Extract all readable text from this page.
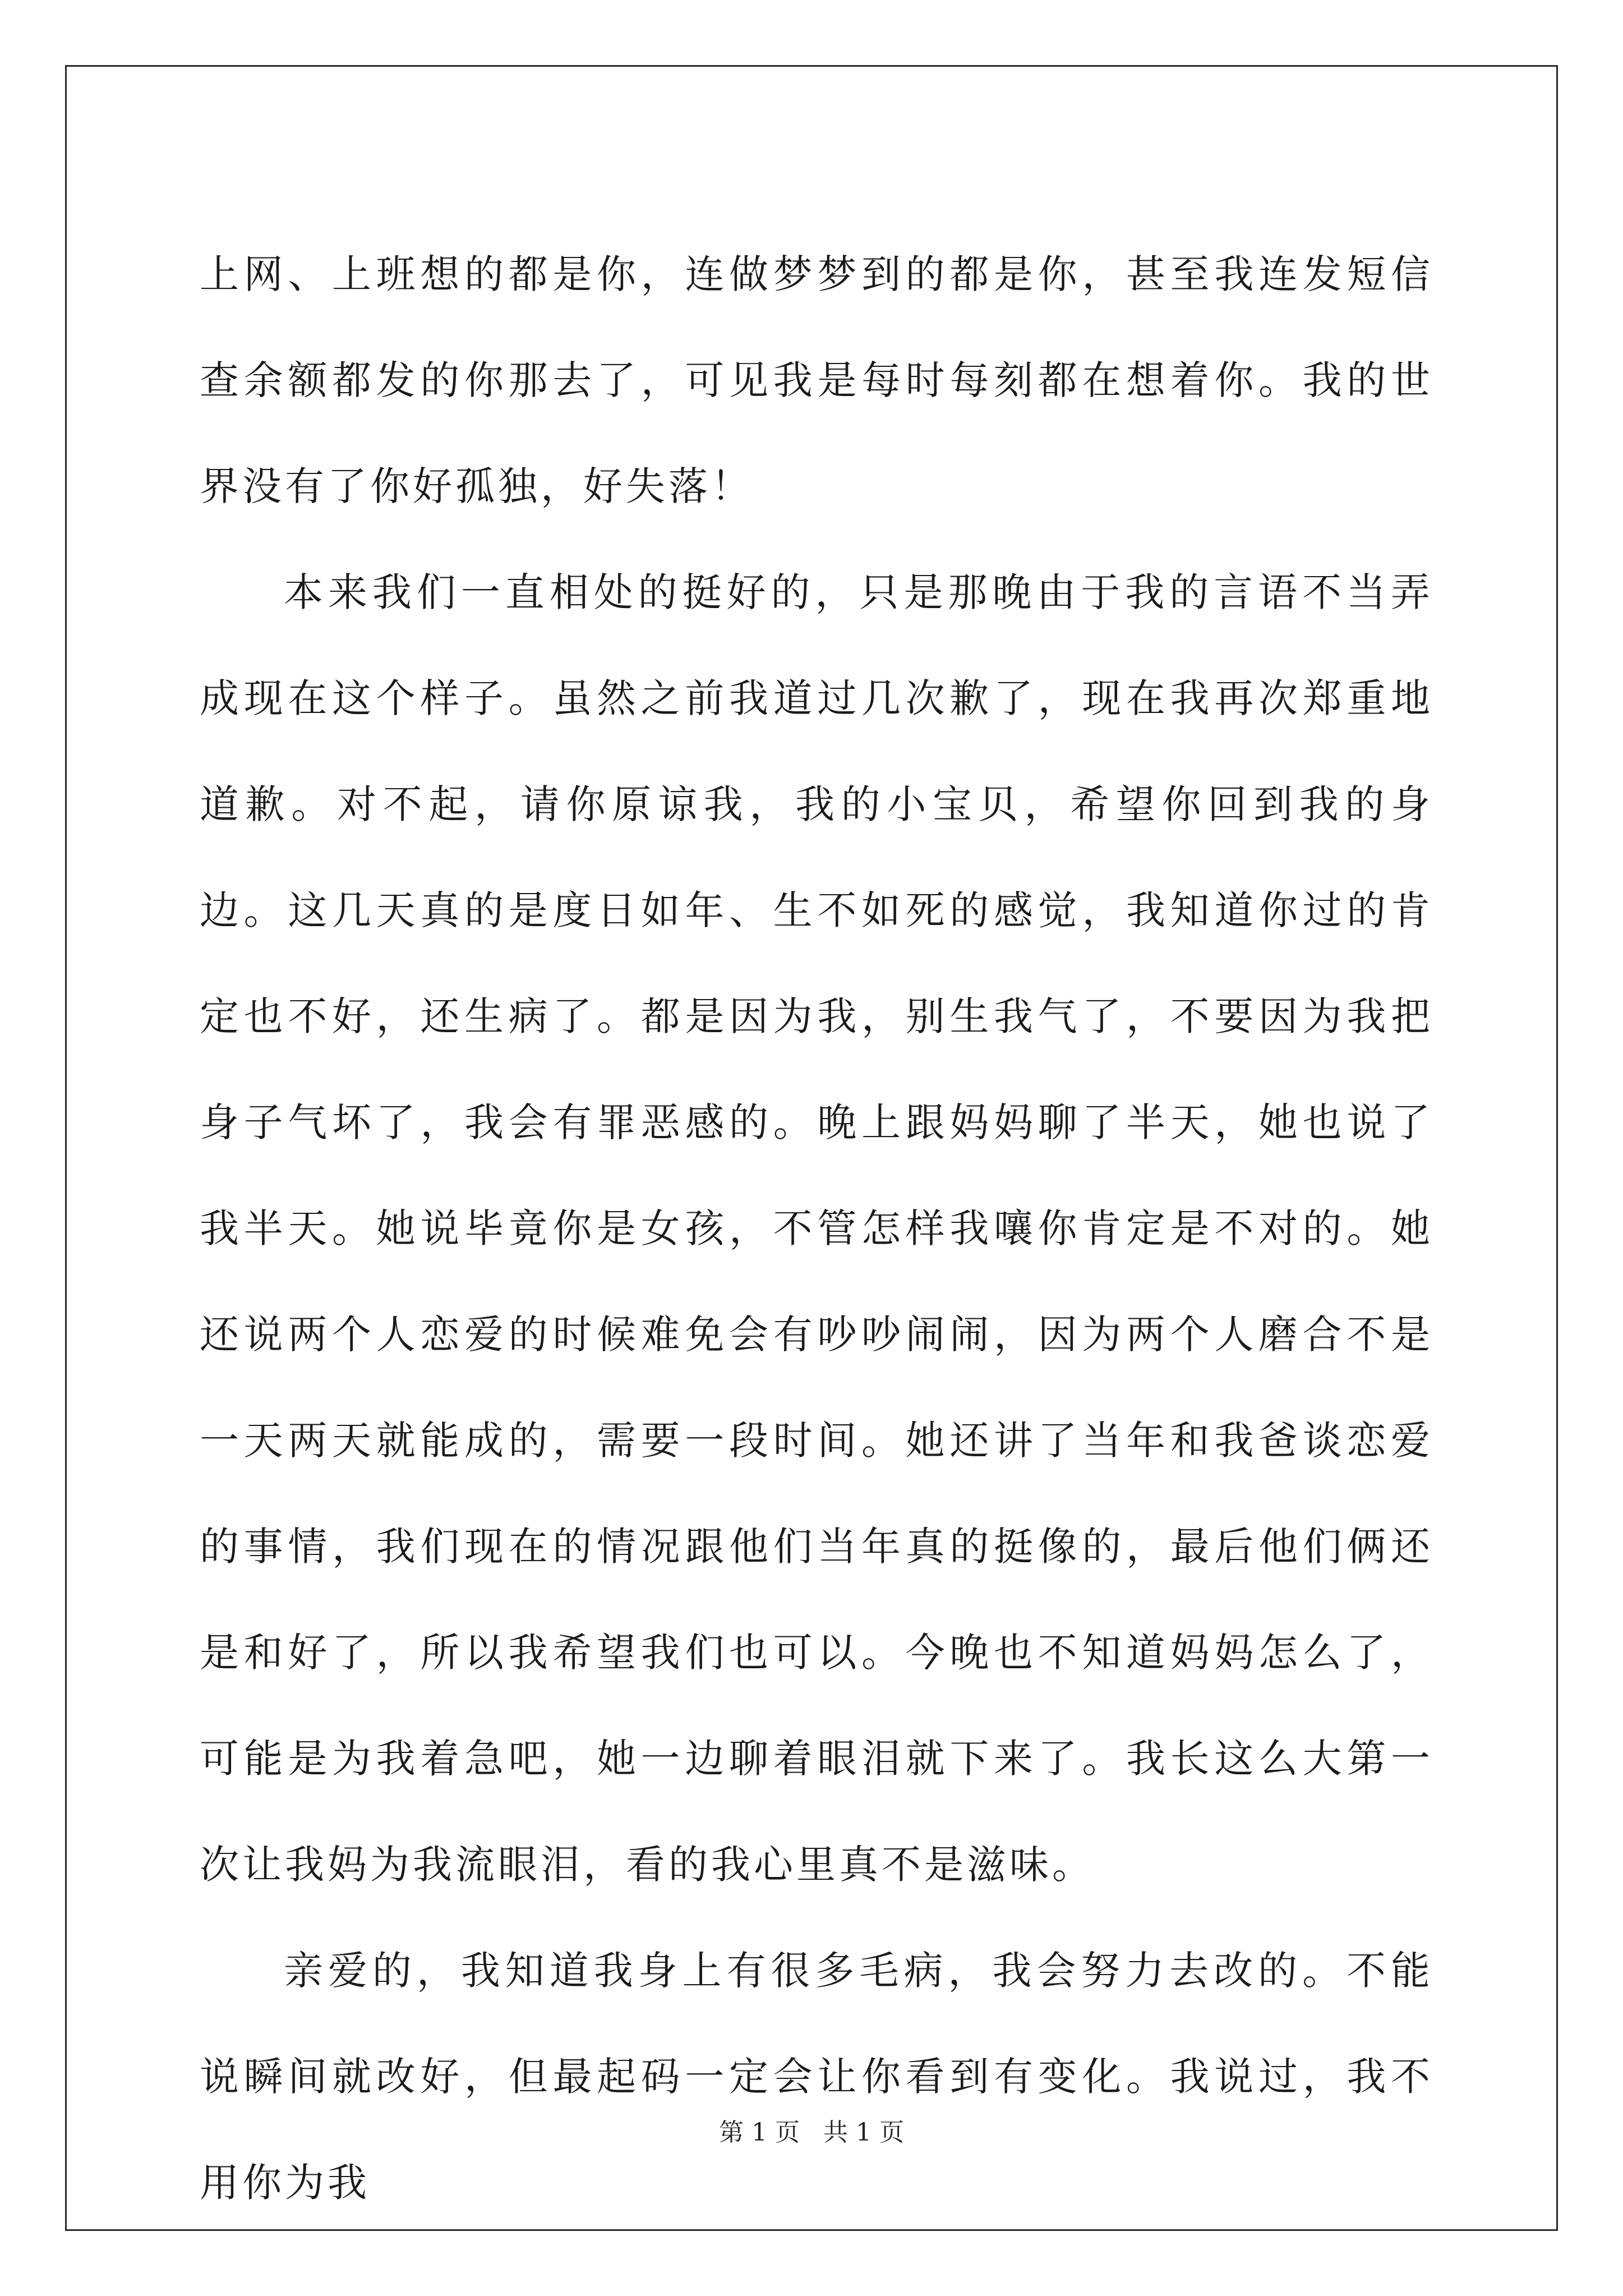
上网、上班想的都是你，连做梦梦到的都是你，甚至我连发短信查余额都发的你那去了，可见我是每时每刻都在想着你。我的世界没有了你好孤独，好失落！

本来我们一直相处的挺好的，只是那晚由于我的言语不当弄成现在这个样子。虽然之前我道过几次歉了，现在我再次郑重地道歉。对不起，请你原谅我，我的小宝贝，希望你回到我的身边。这几天真的是度日如年、生不如死的感觉，我知道你过的肯定也不好，还生病了。都是因为我，别生我气了，不要因为我把身子气坏了，我会有罪恶感的。晚上跟妈妈聊了半天，她也说了我半天。她说毕竟你是女孩，不管怎样我嚷你肯定是不对的。她还说两个人恋爱的时候难免会有吵吵闹闹，因为两个人磨合不是一天两天就能成的，需要一段时间。她还讲了当年和我爸谈恋爱的事情，我们现在的情况跟他们当年真的挺像的，最后他们俩还是和好了，所以我希望我们也可以。今晚也不知道妈妈怎么了，可能是为我着急吧，她一边聊着眼泪就下来了。我长这么大第一次让我妈为我流眼泪，看的我心里真不是滋味。

亲爱的，我知道我身上有很多毛病，我会努力去改的。不能说瞬间就改好，但最起码一定会让你看到有变化。我说过，我不用你为我

第 1 页 共 1 页
